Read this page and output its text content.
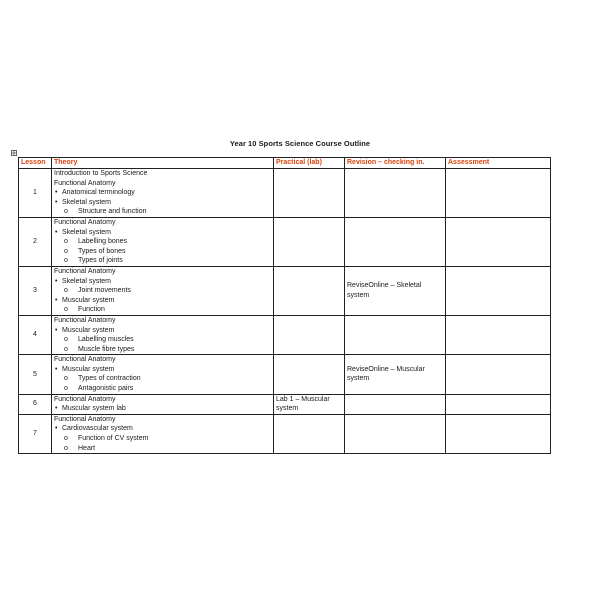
Year 10 Sports Science Course Outline
Lesson	Theory	Practical (lab)	Revision – checking in.	Assessment
1	Introduction to Sports Science
Functional Anatomy
• Anatomical terminology
• Skeletal system
o Structure and function			

2	Functional Anatomy
• Skeletal system
o Labelling bones
o Types of bones
o Types of joints			

3	Functional Anatomy
• Skeletal system
o Joint movements
• Muscular system
o Function		ReviseOnline – Skeletal system	
4	Functional Anatomy
• Muscular system
o Labelling muscles
o Muscle fibre types			

5	Functional Anatomy
• Muscular system
o Types of contraction
o Antagonistic pairs		ReviseOnline – Muscular system	
6	Functional Anatomy
• Muscular system lab	Lab 1 – Muscular system		
7	Functional Anatomy
• Cardiovascular system
o Function of CV system
o Heart			
